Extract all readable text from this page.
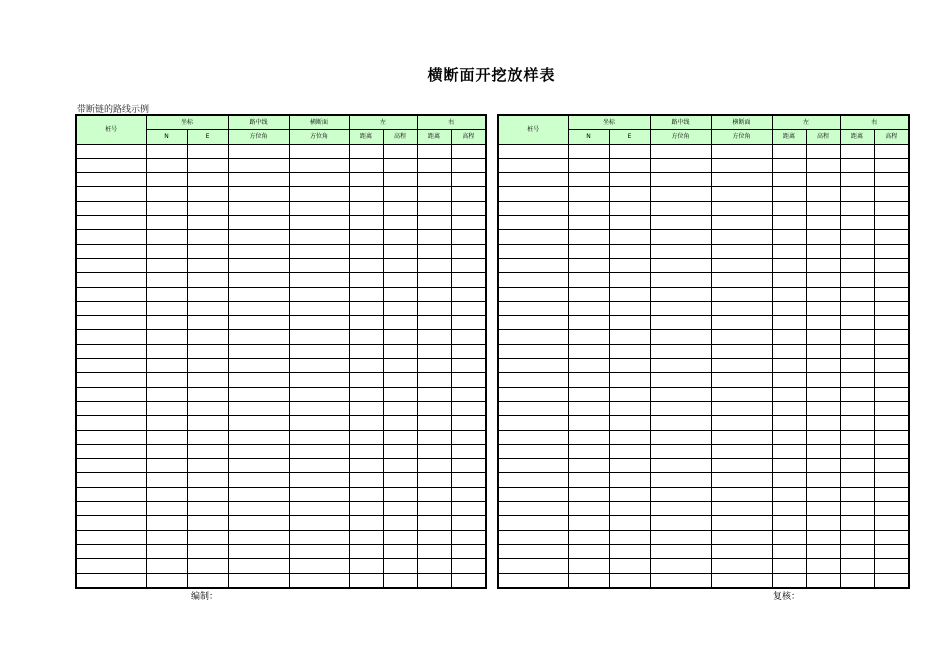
横断面开挖放样表
带断链的路线示例
桩号	坐标		路中线	横断面	左		右	
	N	E	方位角	方位角	距离	高程	距离	高程

桩号	坐标		路中线	横断面	左		右	
	N	E	方位角	方位角	距离	高程	距离	高程

编制：	复核：
